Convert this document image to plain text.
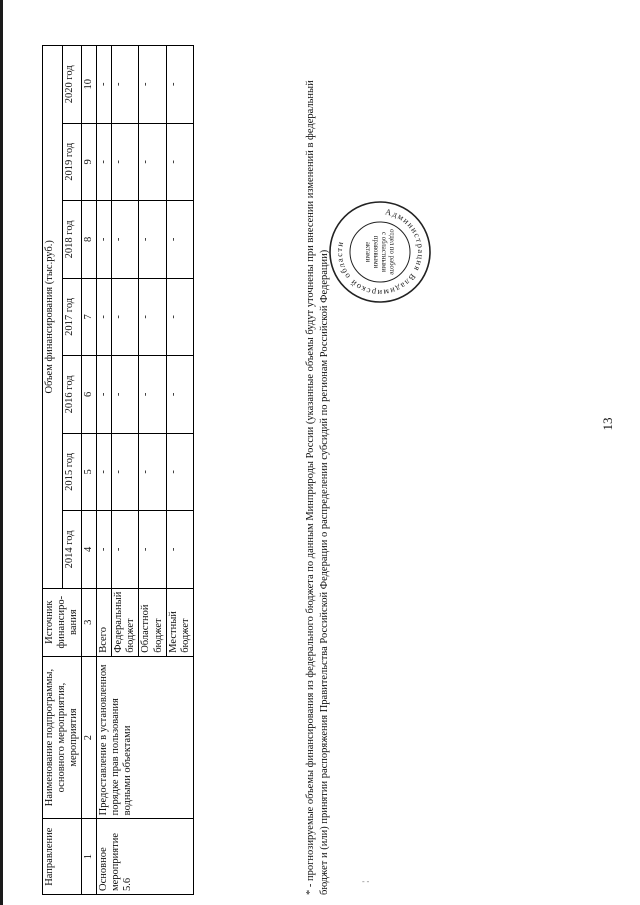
13
Направление	Наименование подпрограммы, основного мероприятия, мероприятия	Источник финансиро-вания	Объем финансирования (тыс.руб.)						
			2014 год	2015 год	2016 год	2017 год	2018 год	2019 год	2020 год
1	2	3	4	5	6	7	8	9	10
Основное мероприятие 5.6	Предоставление в установленном порядке прав пользования водными объектами	Всего	-	-	-	-	-	-	-
		Федеральный бюджет	-	-	-	-	-	-	-
		Областной бюджет	-	-	-	-	-	-	-
		Местный бюджет	-	-	-	-	-	-	-	* - прогнозируемые объемы финансирования из федерального бюджета по данным Минприроды России (указанные объемы будут уточнены при внесении изменений в федеральный бюджет и (или) принятии распоряжения Правительства Российской Федерации о распределении субсидий по регионам Российской Федерации)
Администрация Владимирской области	отдел по работе
с областными
правовыми
актами
- -
